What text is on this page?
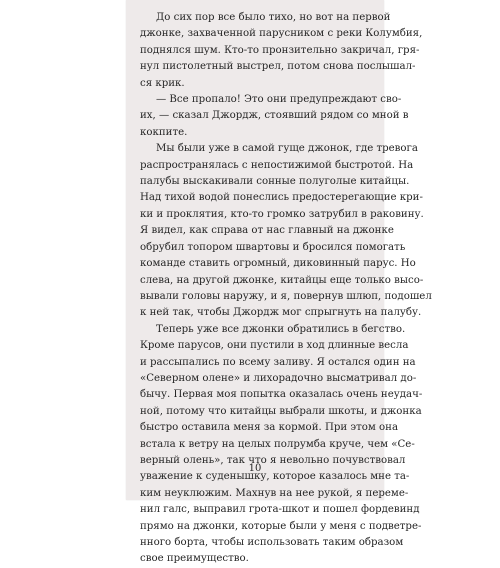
До сих пор все было тихо, но вот на первой
джонке, захваченной парусником с реки Колумбия,
поднялся шум. Кто-то пронзительно закричал, гря-
нул пистолетный выстрел, потом снова послышал-
ся крик.

— Все пропало! Это они предупреждают сво-
их, — сказал Джордж, стоявший рядом со мной в
кокпите.

Мы были уже в самой гуще джонок, где тревога
распространялась с непостижимой быстротой. На
палубы выскакивали сонные полуголые китайцы.
Над тихой водой понеслись предостерегающие кри-
ки и проклятия, кто-то громко затрубил в раковину.
Я видел, как справа от нас главный на джонке
обрубил топором швартовы и бросился помогать
команде ставить огромный, диковинный парус. Но
слева, на другой джонке, китайцы еще только высо-
вывали головы наружу, и я, повернув шлюп, подошел
к ней так, чтобы Джордж мог спрыгнуть на палубу.

Теперь уже все джонки обратились в бегство.
Кроме парусов, они пустили в ход длинные весла
и рассыпались по всему заливу. Я остался один на
«Северном олене» и лихорадочно высматривал до-
бычу. Первая моя попытка оказалась очень неудач-
ной, потому что китайцы выбрали шкоты, и джонка
быстро оставила меня за кормой. При этом она
встала к ветру на целых полрумба круче, чем «Се-
верный олень», так что я невольно почувствовал
уважение к суденышку, которое казалось мне та-
ким неуклюжим. Махнув на нее рукой, я переме-
нил галс, выправил грота-шкот и пошел фордевинд
прямо на джонки, которые были у меня с подветре-
нного борта, чтобы использовать таким образом
свое преимущество.

10
